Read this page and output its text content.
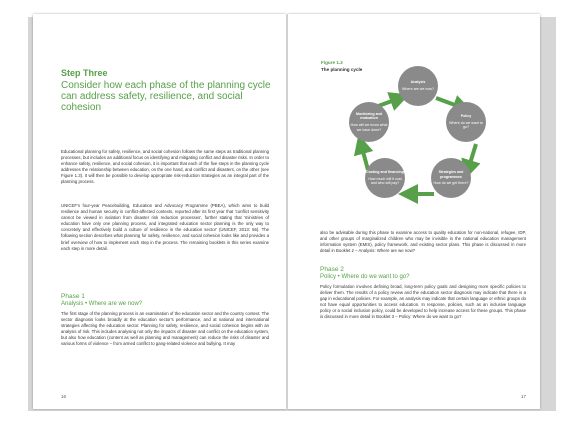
Step Three
Consider how each phase of the planning cycle can address safety, resilience, and social cohesion

Educational planning for safety, resilience, and social cohesion follows the same steps as traditional planning processes, but includes an additional focus on identifying and mitigating conflict and disaster risks. In order to enhance safety, resilience, and social cohesion, it is important that each of the five steps in the planning cycle addresses the relationship between education, on the one hand, and conflict and disasters, on the other (see Figure 1.3). It will then be possible to develop appropriate risk-reduction strategies as an integral part of the planning process.

UNICEF's four-year Peacebuilding, Education and Advocacy Programme (PBEA), which aims to build resilience and human security in conflict-affected contexts, reported after its first year that 'conflict sensitivity cannot be viewed in isolation from disaster risk reduction processes', further stating that 'ministries of education have only one planning process, and integrated education sector planning is the only way to concretely and effectively build a culture of resilience in the education sector' (UNICEF, 2013: 56). The following section describes what planning for safety, resilience, and social cohesion looks like and provides a brief overview of how to implement each step in the process. The remaining booklets in this series examine each step in more detail.

Phase 1
Analysis • Where are we now?

The first stage of the planning process is an examination of the education sector and the country context. The sector diagnosis looks broadly at the education sector's performance, and at national and international strategies affecting the education sector. Planning for safety, resilience, and social cohesion begins with an analysis of risk. This includes analysing not only the impacts of disaster and conflict on the education system, but also how education (content as well as planning and management) can reduce the risks of disaster and various forms of violence – from armed conflict to gang-related violence and bullying. It may

16
Figure 1.3
The planning cycle
Analysis
Where are we now?
Policy
Where do we want to go?
Strategies and programmes
How do we get there?
Costing and financing
How much will it cost and who will pay?
Monitoring and evaluation
How will we know what we have done?

also be advisable during this phase to examine access to quality education for non-national, refugee, IDP, and other groups of marginalized children who may be invisible in the national education management information system (EMIS), policy framework, and existing sector plans. This phase is discussed in more detail in Booklet 2 – Analysis: Where are we now?

Phase 2
Policy • Where do we want to go?

Policy formulation involves defining broad, long-term policy goals and designing more specific policies to deliver them. The results of a policy review and the education sector diagnosis may indicate that there is a gap in educational policies. For example, an analysis may indicate that certain language or ethnic groups do not have equal opportunities to access education. In response, policies, such as an inclusive language policy or a social inclusion policy, could be developed to help increase access for these groups. This phase is discussed in more detail in Booklet 3 – Policy: Where do we want to go?

17
